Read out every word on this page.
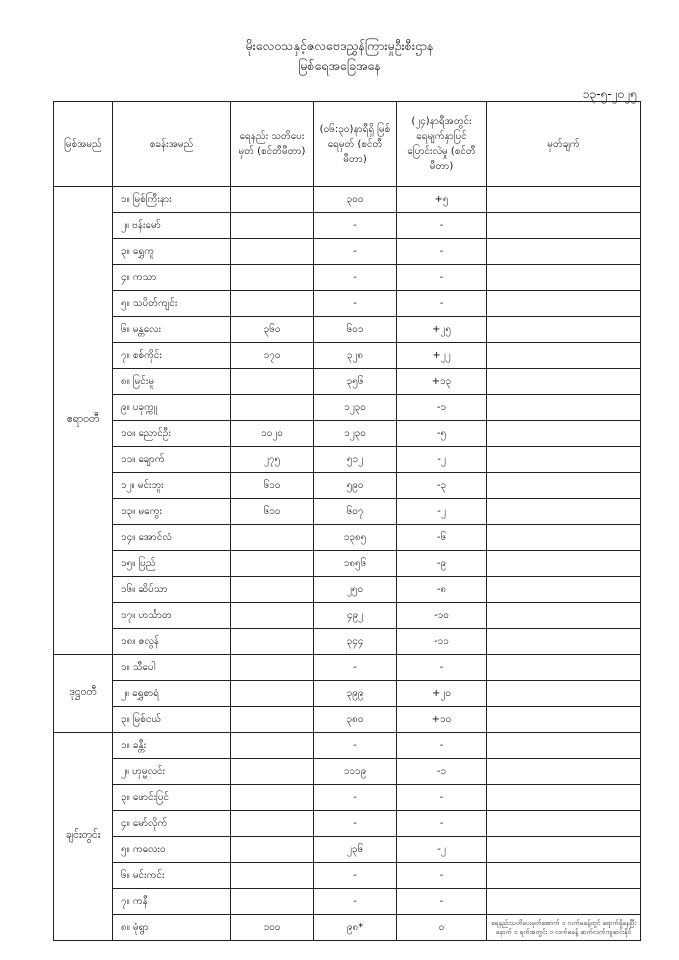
မိုးလေဝသနှင့်ဇလဗေဒညွှန်ကြားမှုဦးစီးဌာန
မြစ်ရေအခြေအနေ
၁၃-၅-၂၀၂၅
မြစ်အမည်	စခန်းအမည်	ရေနည်း သတိပေးမှတ် (စင်တီမီတာ)	(၀၆:၃၀)နာရီရှိ မြစ်ရေမှတ် (စင်တီမီတာ)	(၂၄)နာရီအတွင်း ရေမျက်နှာပြင် ပြောင်းလဲမှု (စင်တီမီတာ)	မှတ်ချက်
ဧရာဝတီ	၁။ မြစ်ကြီးနား		၃၀၀	+၅	
	၂။ ဗန်းမော်		-	-	
	၃။ ရွှေကူ		-	-	
	၄။ ကသာ		-	-	
	၅။ သပိတ်ကျင်း		-	-	
	၆။ မန္တလေး	၃၆၀	၆၀၁	+၂၅	
	၇။ စစ်ကိုင်း	၁၇၀	၃၂၈	+၂၂	
	၈။ မြင်းမူ		၃၅၆	+၁၃	
	၉။ ပခုက္ကူ		၁၂၃၀	-၁	
	၁၀။ ညောင်ဦး	၁၀၂၀	၁၂၃၀	-၅	
	၁၁။ ချောက်	၂၇၅	၅၁၂	-၂	
	၁၂။ မင်းဘူး	၆၁၀	၅၉၀	-၃	
	၁၃။ မကွေး	၆၁၀	၆၀၇	-၂	
	၁၄။ အောင်လံ		၁၃၈၅	-၆	
	၁၅။ ပြည်		၁၈၅၆	-၉	
	၁၆။ ဆိပ်သာ		၂၅၀	-၈	
	၁၇။ ဟင်္သာတ		၄၉၂	-၁၀	
	၁၈။ ဇလွန်		၃၄၄	-၁၁	
ဒုဋ္ဌဝတီ	၁။ သီပေါ		-	-	
	၂။ ရွှေစာရံ		၃၉၉	+၂၀	
	၃။ မြစ်ငယ်		၃၈၀	+၁၀	
ချင်းတွင်း	၁။ ခန္တီး		-	-	
	၂။ ဟုမ္မလင်း		၁၁၁၉	-၁	
	၃။ ဖောင်းပြင်		-	-	
	၄။ မော်လိုက်		-	-	
	၅။ ကလေးဝ		၂၃၆	-၂	
	၆။ မင်းကင်း		-	-	
	၇။ ကနီ		-	-	
	၈။ မုံရွာ	၁၀၀	၉၈*	၀	ရေနည်းသတိပေးမှတ်အောက် ၁ လက်မခန့်တွင် ရောက်ရှိနေပြီး နောက် ၁ ရက်အတွင်း ၁ လက်မခန့် ဆက်လက်ကျဆင်းနိုင်
